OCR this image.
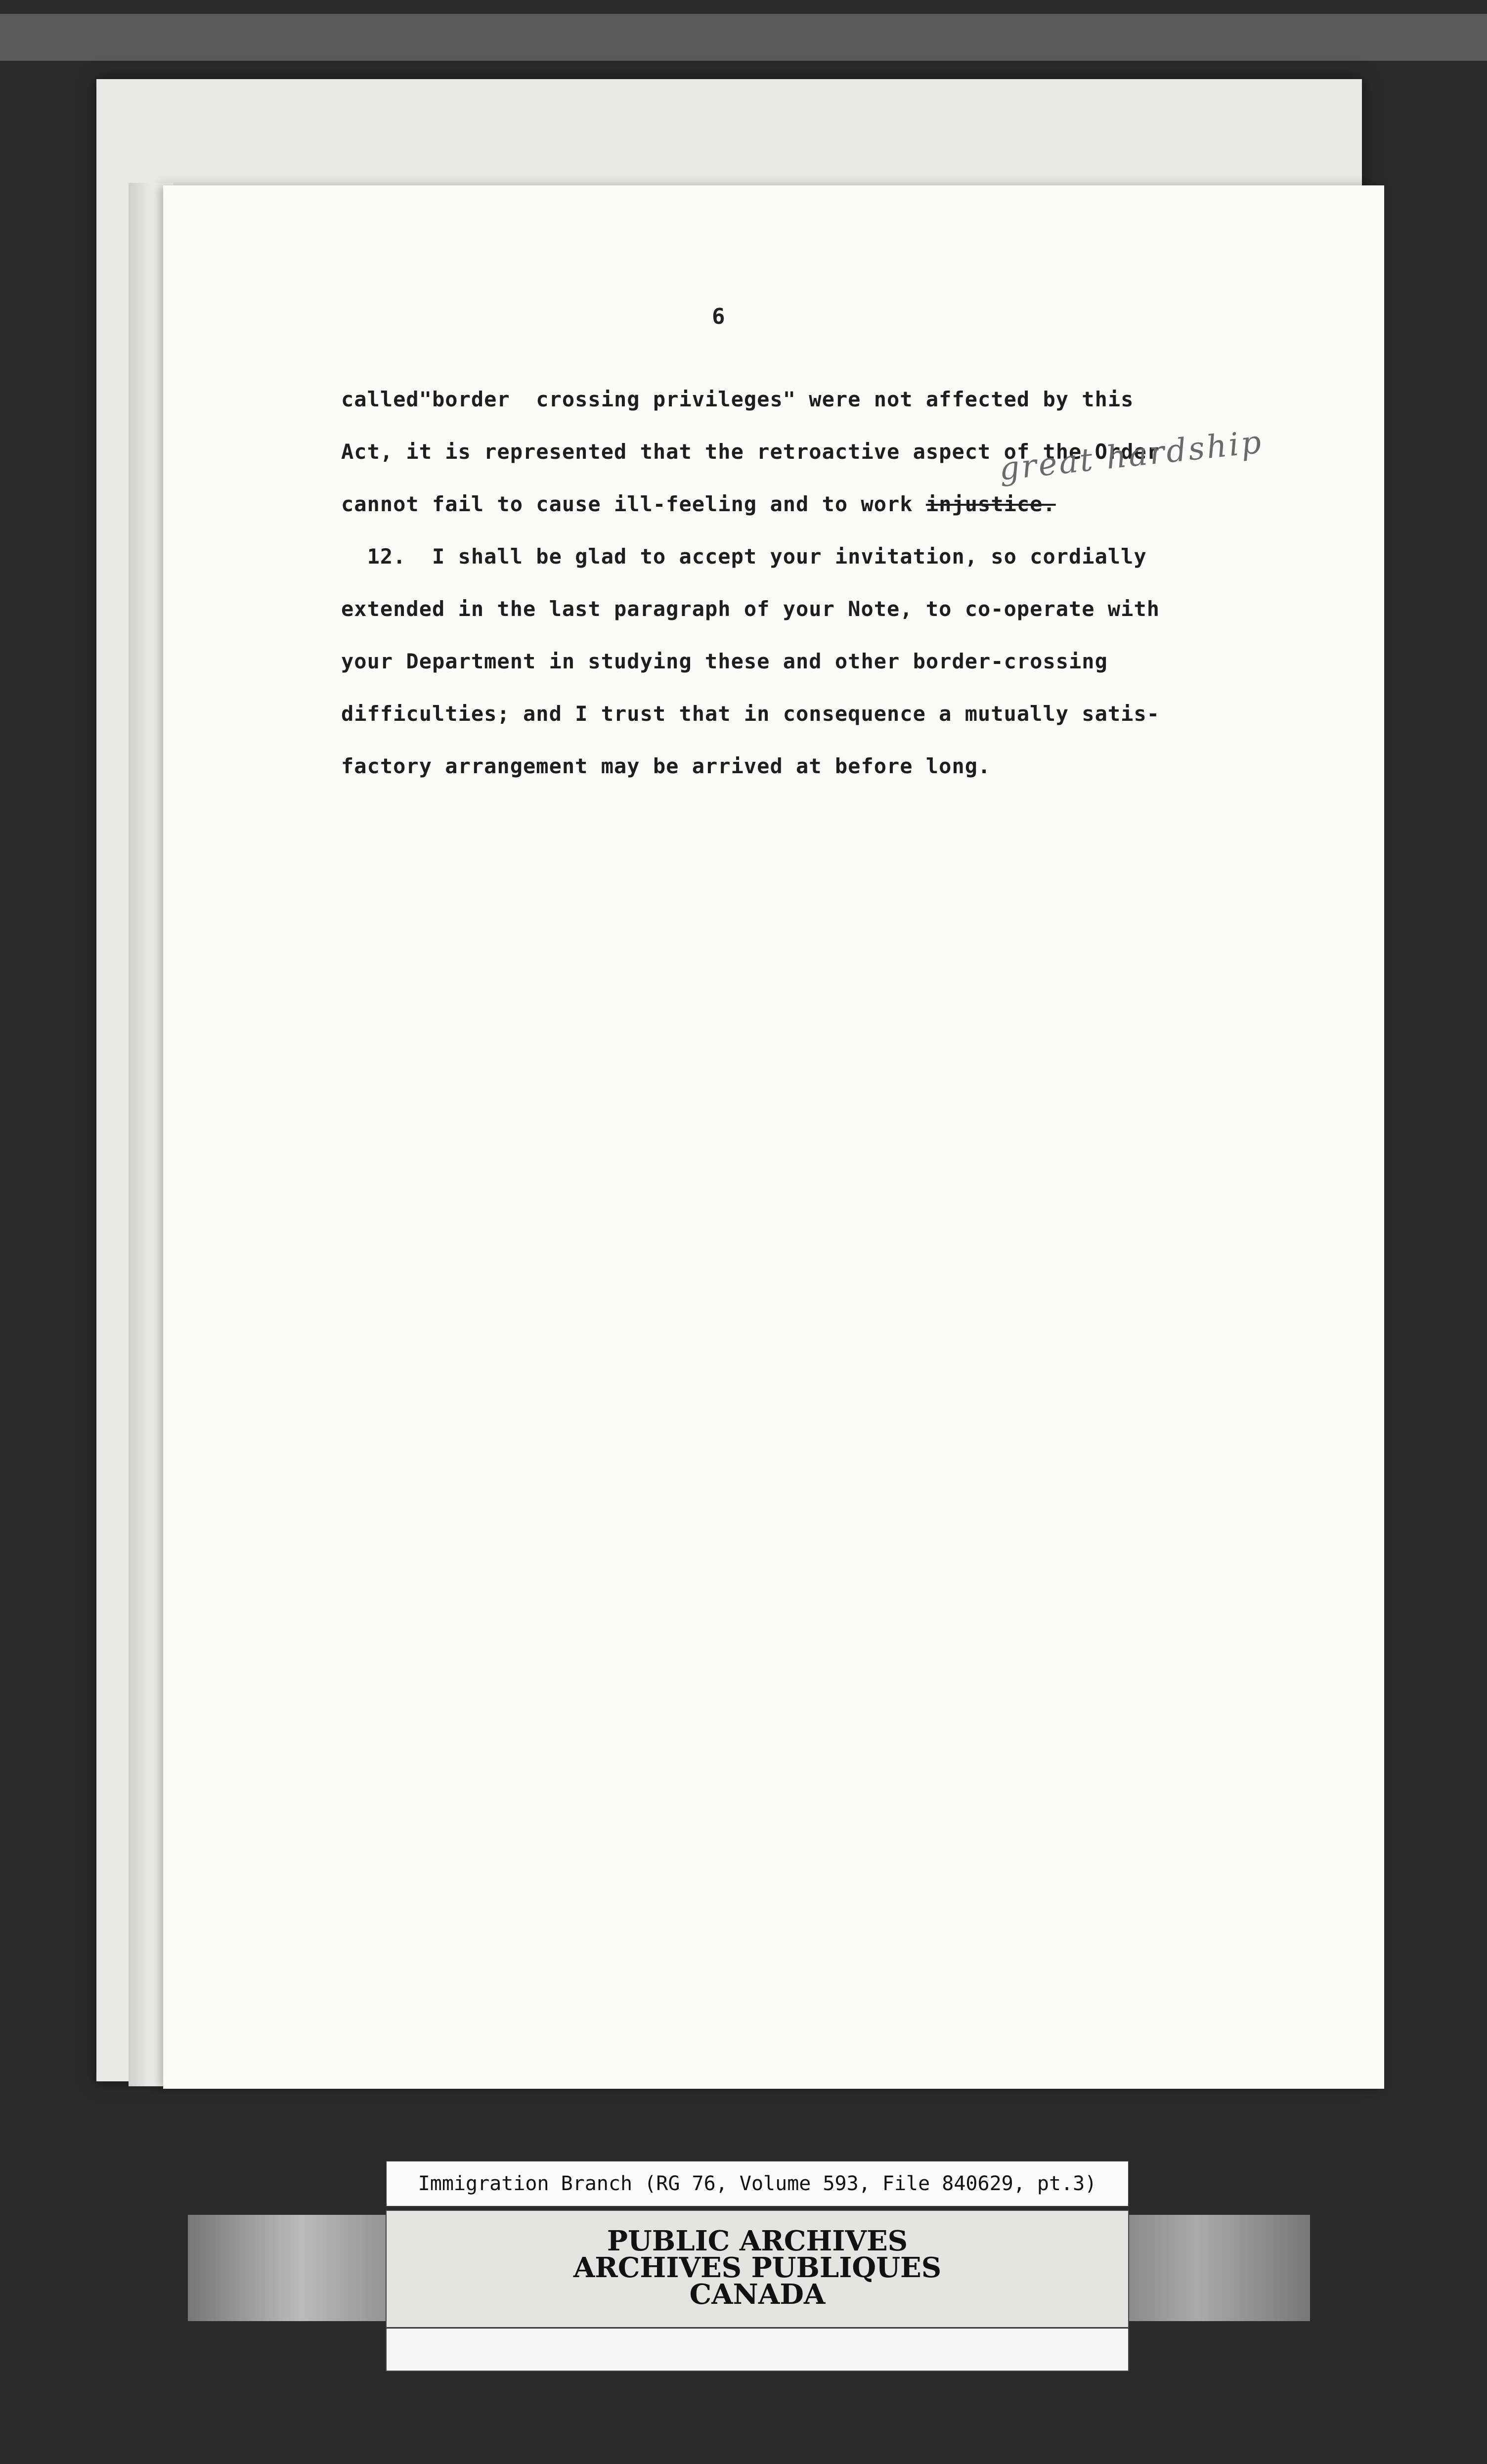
6
called"border  crossing privileges" were not affected by this
Act, it is represented that the retroactive aspect of the Order
cannot fail to cause ill-feeling and to work injustice.
12.  I shall be glad to accept your invitation, so cordially
extended in the last paragraph of your Note, to co-operate with
your Department in studying these and other border-crossing
difficulties; and I trust that in consequence a mutually satis-
factory arrangement may be arrived at before long.
great hardship
Immigration Branch (RG 76, Volume 593, File 840629, pt.3)
PUBLIC ARCHIVES
ARCHIVES PUBLIQUES
CANADA
